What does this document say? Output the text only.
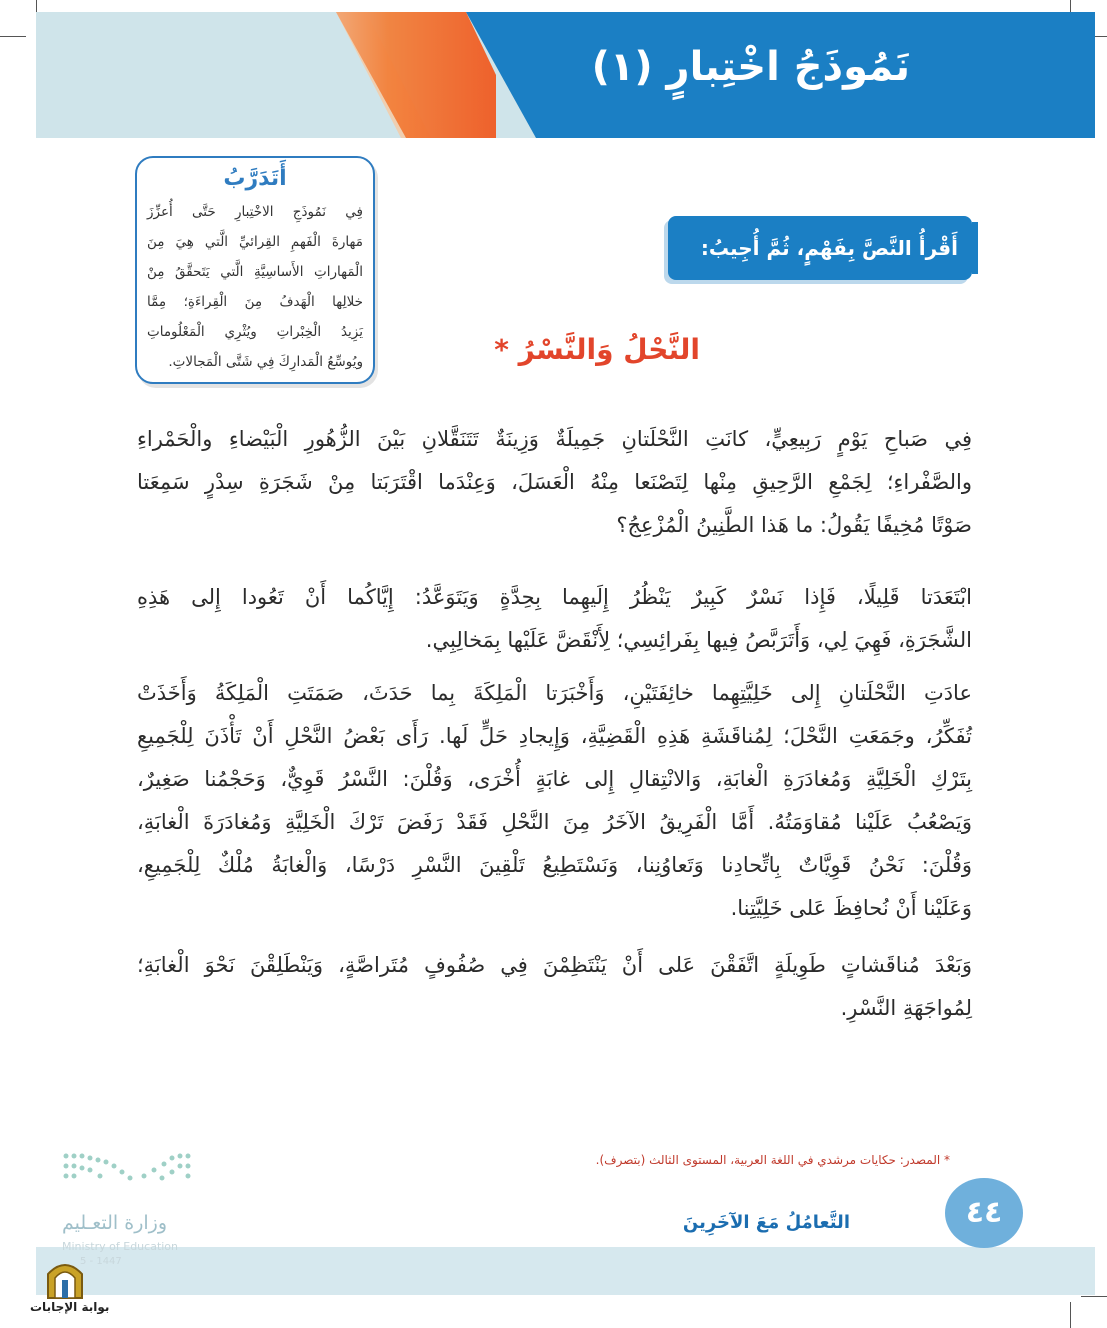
نَمُوذَجُ اخْتِبارٍ (١)
أَتَدَرَّبُ
فِي نَمُوذَجِ الاخْتِبارِ حَتَّى أُعزِّزَ
مَهارةَ الْفَهمِ القِرائيِّ الَّتي هِيَ مِنَ
الْمَهاراتِ الأَساسِيَّةِ الَّتي يَتَحقَّقُ مِنْ
خلالِها الْهَدفُ مِنَ الْقِراءَةِ؛ مِمَّا
يَزِيدُ الْخِبْراتِ ويُثْرِي الْمَعْلُوماتِ
ويُوسِّعُ الْمَدارِكَ فِي شَتَّى الْمَجالاتِ.
أَقْرأُ النَّصَّ بِفَهْمٍ، ثُمَّ أُجِيبُ:
النَّحْلُ وَالنَّسْرُ *
فِي صَباحِ يَوْمٍ رَبِيعِيٍّ، كانَتِ النَّحْلَتانِ جَمِيلَةٌ وَزِينَةٌ تَتَنَقَّلانِ بَيْنَ الزُّهُورِ الْبَيْضاءِ والْحَمْراءِ
والصَّفْراءِ؛ لِجَمْعِ الرَّحِيقِ مِنْها لِتَصْنَعا مِنْهُ الْعَسَلَ، وَعِنْدَما اقْتَرَبَتا مِنْ شَجَرَةِ سِدْرٍ سَمِعَتا
صَوْتًا مُخِيفًا يَقُولُ: ما هَذا الطَّنِينُ الْمُزْعِجُ؟
ابْتَعَدَتا قَلِيلًا، فَإِذا نَسْرٌ كَبِيرٌ يَنْظُرُ إِلَيهِما بِحِدَّةٍ وَيَتَوَعَّدُ: إِيَّاكُما أَنْ تَعُودا إِلى هَذِهِ
الشَّجَرَةِ، فَهِيَ لِي، وَأَتَرَبَّصُ فِيها بِفَرائِسِي؛ لِأَنْقَضَّ عَلَيْها بِمَخالِبِي.
عادَتِ النَّحْلَتانِ إِلى خَلِيَّتِهِما خائِفَتَيْنِ، وَأَخْبَرَتا الْمَلِكَةَ بِما حَدَثَ، صَمَتَتِ الْمَلِكَةُ وَأَخَذَتْ
تُفَكِّرُ، وجَمَعَتِ النَّحْلَ؛ لِمُناقَشَةِ هَذِهِ الْقَضِيَّةِ، وَإِيجادِ حَلٍّ لَها. رَأَى بَعْضُ النَّحْلِ أَنْ تَأْذَنَ لِلْجَمِيعِ
بِتَرْكِ الْخَلِيَّةِ وَمُغادَرَةِ الْغابَةِ، وَالانْتِقالِ إِلى غابَةٍ أُخْرَى، وَقُلْنَ: النَّسْرُ قَوِيٌّ، وَحَجْمُنا صَغِيرٌ،
وَيَصْعُبُ عَلَيْنا مُقاوَمَتُهُ. أَمَّا الْفَرِيقُ الآخَرُ مِنَ النَّحْلِ فَقَدْ رَفَضَ تَرْكَ الْخَلِيَّةِ وَمُغادَرَةَ الْغابَةِ،
وَقُلْنَ: نَحْنُ قَوِيَّاتٌ بِاتِّحادِنا وَتَعاوُنِنا، وَنَسْتَطِيعُ تَلْقِينَ النَّسْرِ دَرْسًا، وَالْغابَةُ مُلْكٌ لِلْجَمِيعِ،
وَعَلَيْنا أَنْ نُحافِظَ عَلى خَلِيَّتِنا.
وَبَعْدَ مُناقَشاتٍ طَوِيلَةٍ اتَّفَقْنَ عَلى أَنْ يَنْتَظِمْنَ فِي صُفُوفٍ مُتَراصَّةٍ، وَيَنْطَلِقْنَ نَحْوَ الْغابَةِ؛
لِمُواجَهَةِ النَّسْرِ.
* المصدر: حكايات مرشدي في اللغة العربية، المستوى الثالث (بتصرف).
٤٤
التَّعامُلُ مَعَ الآخَرِينَ
وزارة التعـليم
Ministry of Education
5 - 1447
بوابة الإجابات
